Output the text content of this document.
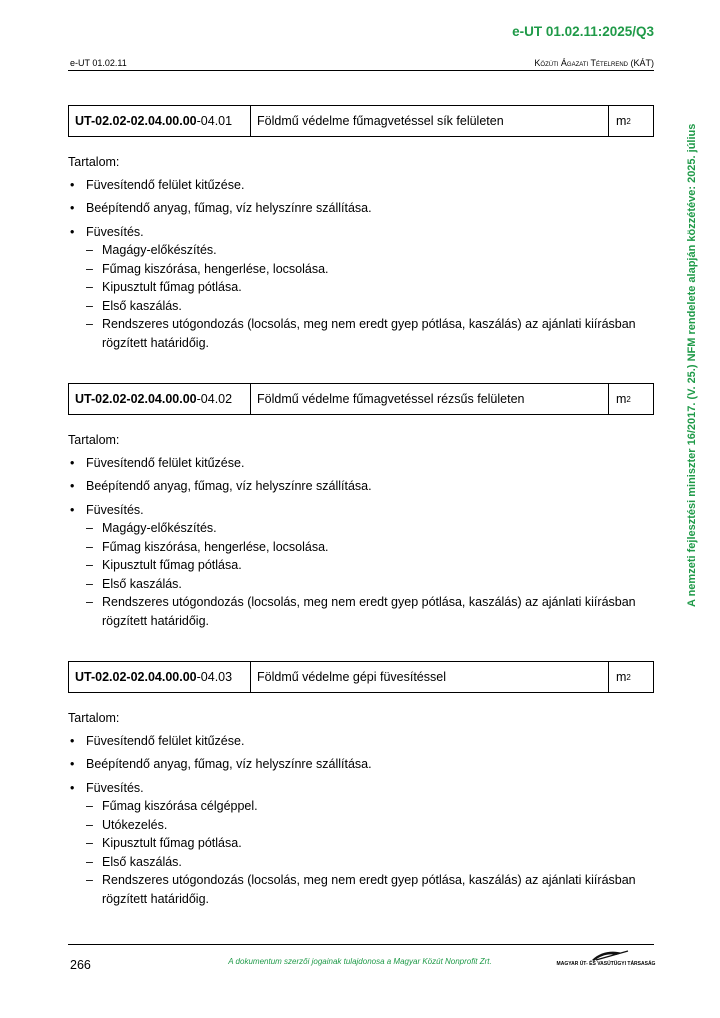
e-UT 01.02.11:2025/Q3
e-UT 01.02.11	Közúti Ágazati Tételrend (KÁT)
A nemzeti fejlesztési miniszter 16/2017. (V. 25.) NFM rendelete alapján közzétéve: 2025. július
UT-02.02-02.04.00.00 -04.01	Földmű védelme fűmagvetéssel sík felületen	m 2
Tartalom:
• Füvesítendő felület kitűzése.
• Beépítendő anyag, fűmag, víz helyszínre szállítása.
• Füvesítés.
– Magágy-előkészítés.
– Fűmag kiszórása, hengerlése, locsolása.
– Kipusztult fűmag pótlása.
– Első kaszálás.
– Rendszeres utógondozás (locsolás, meg nem eredt gyep pótlása, kaszálás) az ajánlati kiírásban rögzített határidőig.
UT-02.02-02.04.00.00 -04.02	Földmű védelme fűmagvetéssel rézsűs felületen	m 2
Tartalom:
• Füvesítendő felület kitűzése.
• Beépítendő anyag, fűmag, víz helyszínre szállítása.
• Füvesítés.
– Magágy-előkészítés.
– Fűmag kiszórása, hengerlése, locsolása.
– Kipusztult fűmag pótlása.
– Első kaszálás.
– Rendszeres utógondozás (locsolás, meg nem eredt gyep pótlása, kaszálás) az ajánlati kiírásban rögzített határidőig.
UT-02.02-02.04.00.00 -04.03	Földmű védelme gépi füvesítéssel	m 2
Tartalom:
• Füvesítendő felület kitűzése.
• Beépítendő anyag, fűmag, víz helyszínre szállítása.
• Füvesítés.
– Fűmag kiszórása célgéppel.
– Utókezelés.
– Kipusztult fűmag pótlása.
– Első kaszálás.
– Rendszeres utógondozás (locsolás, meg nem eredt gyep pótlása, kaszálás) az ajánlati kiírásban rögzített határidőig.
266	A dokumentum szerzői jogainak tulajdonosa a Magyar Közút Nonprofit Zrt.	MAGYAR ÚT- ÉS VASÚTÜGYI TÁRSASÁG
